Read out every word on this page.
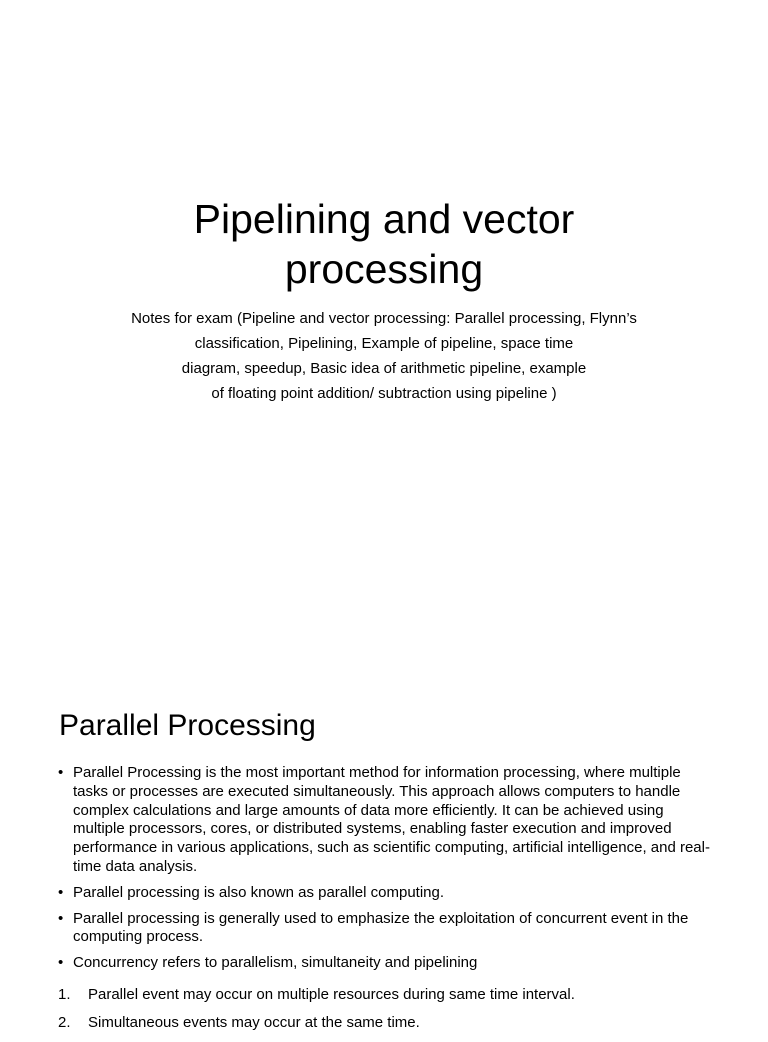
Pipelining and vector
processing

Notes for exam (Pipeline and vector processing: Parallel processing, Flynn’s
classification, Pipelining, Example of pipeline, space time
diagram, speedup, Basic idea of arithmetic pipeline, example
of floating point addition/ subtraction using pipeline )

Parallel Processing
• Parallel Processing is the most important method for information processing, where multiple tasks or processes are executed simultaneously. This approach allows computers to handle complex calculations and large amounts of data more efficiently. It can be achieved using multiple processors, cores, or distributed systems, enabling faster execution and improved performance in various applications, such as scientific computing, artificial intelligence, and real-time data analysis.
• Parallel processing is also known as parallel computing.
• Parallel processing is generally used to emphasize the exploitation of concurrent event in the computing process.
• Concurrency refers to parallelism, simultaneity and pipelining
1. Parallel event may occur on multiple resources during same time interval.
2. Simultaneous events may occur at the same time.
